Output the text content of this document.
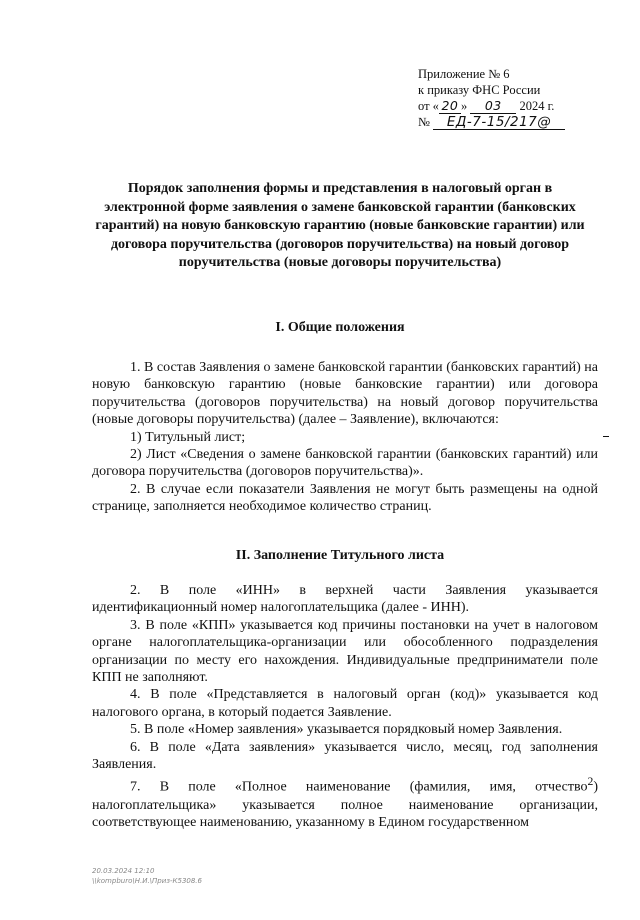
Приложение № 6
к приказу ФНС России
от « 20 » 03 2024 г.
№ ЕД-7-15/217@
Порядок заполнения формы и представления в налоговый орган в электронной форме заявления о замене банковской гарантии (банковских гарантий) на новую банковскую гарантию (новые банковские гарантии) или договора поручительства (договоров поручительства) на новый договор поручительства (новые договоры поручительства)
I. Общие положения

1. В состав Заявления о замене банковской гарантии (банковских гарантий) на новую банковскую гарантию (новые банковские гарантии) или договора поручительства (договоров поручительства) на новый договор поручительства (новые договоры поручительства) (далее – Заявление), включаются:

1) Титульный лист;

2) Лист «Сведения о замене банковской гарантии (банковских гарантий) или договора поручительства (договоров поручительства)».

2. В случае если показатели Заявления не могут быть размещены на одной странице, заполняется необходимое количество страниц.

II. Заполнение Титульного листа

2. В поле «ИНН» в верхней части Заявления указывается идентификационный номер налогоплательщика (далее - ИНН).

3. В поле «КПП» указывается код причины постановки на учет в налоговом органе налогоплательщика-организации или обособленного подразделения организации по месту его нахождения. Индивидуальные предприниматели поле КПП не заполняют.

4. В поле «Представляется в налоговый орган (код)» указывается код налогового органа, в который подается Заявление.

5. В поле «Номер заявления» указывается порядковый номер Заявления.

6. В поле «Дата заявления» указывается число, месяц, год заполнения Заявления.

7. В поле «Полное наименование (фамилия, имя, отчество$^2$) налогоплательщика» указывается полное наименование организации, соответствующее наименованию, указанному в Едином государственном

20.03.2024 12:10
\\kompburo\Н.И.\Приз-К5308.6
